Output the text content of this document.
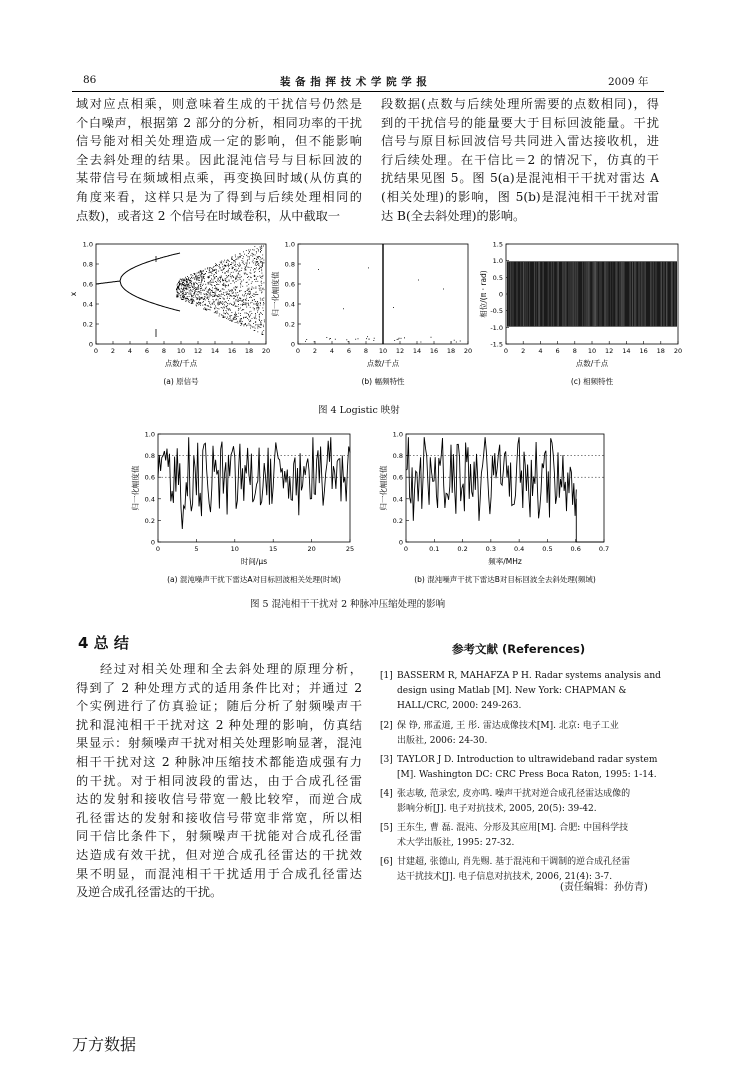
86	装 备 指 挥 技 术 学 院 学 报	2009 年
域对应点相乘，则意味着生成的干扰信号仍然是
个白噪声，根据第 2 部分的分析，相同功率的干扰
信号能对相关处理造成一定的影响，但不能影响
全去斜处理的结果。因此混沌信号与目标回波的
某带信号在频域相点乘，再变换回时域(从仿真的
角度来看，这样只是为了得到与后续处理相同的
点数)，或者这 2 个信号在时域卷积，从中截取一
段数据(点数与后续处理所需要的点数相同)，得
到的干扰信号的能量要大于目标回波能量。干扰
信号与原目标回波信号共同进入雷达接收机，进
行后续处理。在干信比＝2 的情况下，仿真的干
扰结果见图 5。图 5(a)是混沌相干干扰对雷达 A
(相关处理)的影响，图 5(b)是混沌相干干扰对雷
达 B(全去斜处理)的影响。
0 2 4 6 8 10 12 14 16 18 20
0
0.2
0.4
0.6
0.8
1.0
点数/千点
x
(a) 原信号
0 2 4 6 8 10 12 14 16 18 20
0
0.2
0.4
0.6
0.8
1.0
点数/千点
归一化幅度值
(b) 幅频特性
0 2 4 6 8 10 12 14 16 18 20
-1.5
-1.0
-0.5
0
0.5
1.0
1.5
点数/千点
相位/(π · rad)
(c) 相频特性
图 4 Logistic 映射
0	5	10	15	20	25
0
0.2
0.4
0.6
0.8
1.0
时间/μs
归一化幅度值
(a) 混沌噪声干扰下雷达A对目标回波相关处理(时域)
0	0.1	0.2	0.3	0.4	0.5	0.6	0.7
0
0.2
0.4
0.6
0.8
1.0
频率/MHz
归一化幅度值
(b) 混沌噪声干扰下雷达B对目标回波全去斜处理(频域)
图 5 混沌相干干扰对 2 种脉冲压缩处理的影响
4 总 结
经过对相关处理和全去斜处理的原理分析，
得到了 2 种处理方式的适用条件比对；并通过 2
个实例进行了仿真验证；随后分析了射频噪声干
扰和混沌相干干扰对这 2 种处理的影响，仿真结
果显示：射频噪声干扰对相关处理影响显著，混沌
相干干扰对这 2 种脉冲压缩技术都能造成强有力
的干扰。对于相同波段的雷达，由于合成孔径雷
达的发射和接收信号带宽一般比较窄，而逆合成
孔径雷达的发射和接收信号带宽非常宽，所以相
同干信比条件下，射频噪声干扰能对合成孔径雷
达造成有效干扰，但对逆合成孔径雷达的干扰效
果不明显，而混沌相干干扰适用于合成孔径雷达
及逆合成孔径雷达的干扰。
参考文献 (References)
[1] BASSERM R, MAHAFZA P H. Radar systems analysis and
design using Matlab [M]. New York: CHAPMAN &
HALL/CRC, 2000: 249-263.
[2] 保 铮, 邢孟道, 王 彤. 雷达成像技术[M]. 北京: 电子工业
出版社, 2006: 24-30.
[3] TAYLOR J D. Introduction to ultrawideband radar system
[M]. Washington DC: CRC Press Boca Raton, 1995: 1-14.
[4] 张志敏, 范录宏, 皮亦鸣. 噪声干扰对逆合成孔径雷达成像的
影响分析[J]. 电子对抗技术, 2005, 20(5): 39-42.
[5] 王东生, 曹 磊. 混沌、分形及其应用[M]. 合肥: 中国科学技
术大学出版社, 1995: 27-32.
[6] 甘建超, 张德山, 肖先赐. 基于混沌和干调制的逆合成孔径雷
达干扰技术[J]. 电子信息对抗技术, 2006, 21(4): 3-7.
(责任编辑：孙仿青)
万方数据
